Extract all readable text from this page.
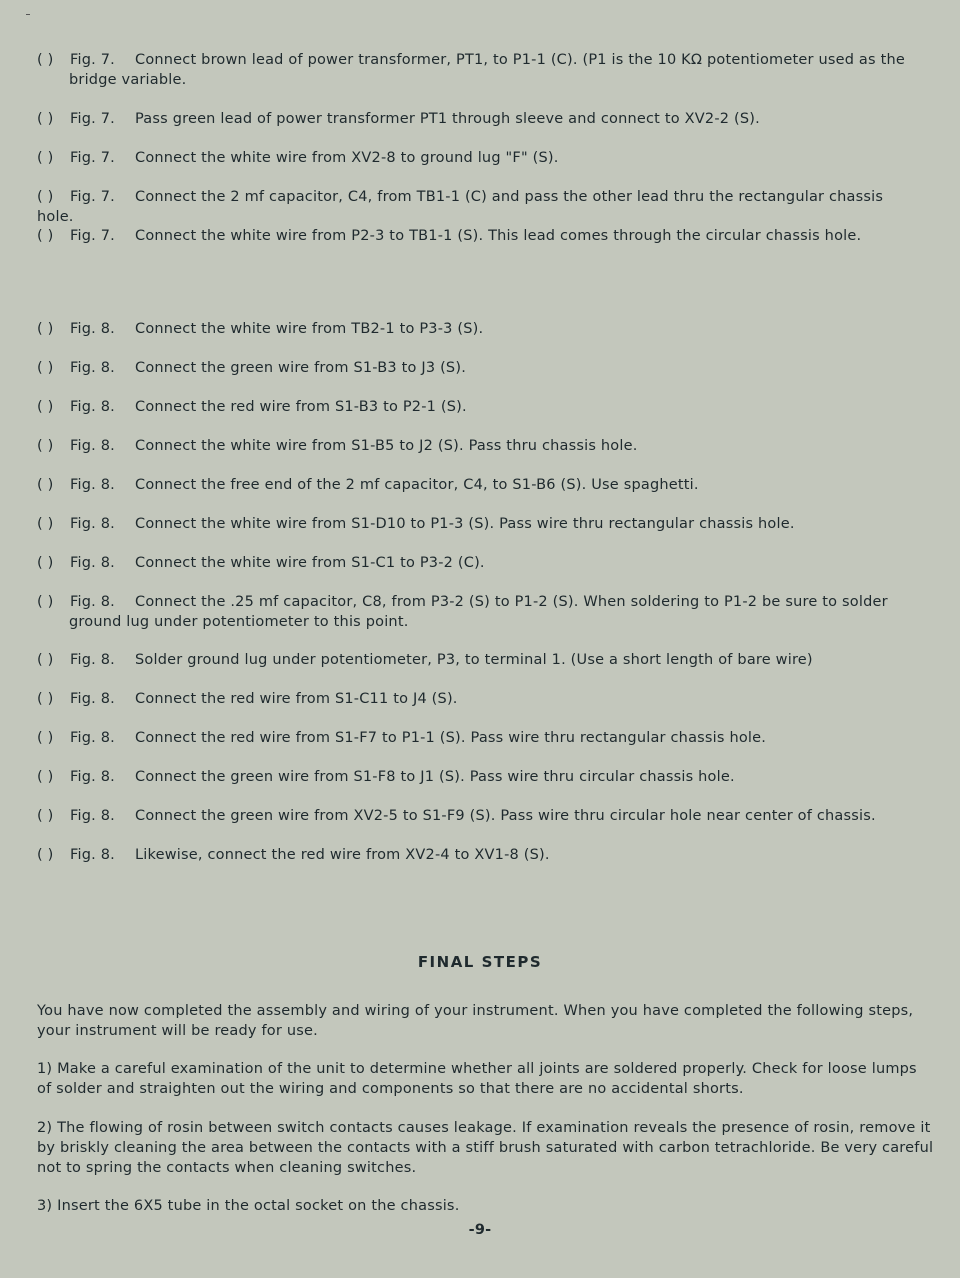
( ) Fig. 7. Connect brown lead of power transformer, PT1, to P1-1 (C). (P1 is the 10 KΩ potentiometer used as the
bridge variable.
( ) Fig. 7. Pass green lead of power transformer PT1 through sleeve and connect to XV2-2 (S).
( ) Fig. 7. Connect the white wire from XV2-8 to ground lug "F" (S).
( ) Fig. 7. Connect the 2 mf capacitor, C4, from TB1-1 (C) and pass the other lead thru the rectangular chassis hole.
( ) Fig. 7. Connect the white wire from P2-3 to TB1-1 (S). This lead comes through the circular chassis hole.
( ) Fig. 8. Connect the white wire from TB2-1 to P3-3 (S).
( ) Fig. 8. Connect the green wire from S1-B3 to J3 (S).
( ) Fig. 8. Connect the red wire from S1-B3 to P2-1 (S).
( ) Fig. 8. Connect the white wire from S1-B5 to J2 (S). Pass thru chassis hole.
( ) Fig. 8. Connect the free end of the 2 mf capacitor, C4, to S1-B6 (S). Use spaghetti.
( ) Fig. 8. Connect the white wire from S1-D10 to P1-3 (S). Pass wire thru rectangular chassis hole.
( ) Fig. 8. Connect the white wire from S1-C1 to P3-2 (C).
( ) Fig. 8. Connect the .25 mf capacitor, C8, from P3-2 (S) to P1-2 (S). When soldering to P1-2 be sure to solder
ground lug under potentiometer to this point.
( ) Fig. 8. Solder ground lug under potentiometer, P3, to terminal 1. (Use a short length of bare wire)
( ) Fig. 8. Connect the red wire from S1-C11 to J4 (S).
( ) Fig. 8. Connect the red wire from S1-F7 to P1-1 (S). Pass wire thru rectangular chassis hole.
( ) Fig. 8. Connect the green wire from S1-F8 to J1 (S). Pass wire thru circular chassis hole.
( ) Fig. 8. Connect the green wire from XV2-5 to S1-F9 (S). Pass wire thru circular hole near center of chassis.
( ) Fig. 8. Likewise, connect the red wire from XV2-4 to XV1-8 (S).
FINAL STEPS
You have now completed the assembly and wiring of your instrument. When you have completed the following steps, your instrument will be ready for use.
1) Make a careful examination of the unit to determine whether all joints are soldered properly. Check for loose lumps of solder and straighten out the wiring and components so that there are no accidental shorts.
2) The flowing of rosin between switch contacts causes leakage. If examination reveals the presence of rosin, remove it by briskly cleaning the area between the contacts with a stiff brush saturated with carbon tetrachloride. Be very careful not to spring the contacts when cleaning switches.
3) Insert the 6X5 tube in the octal socket on the chassis.
-9-
